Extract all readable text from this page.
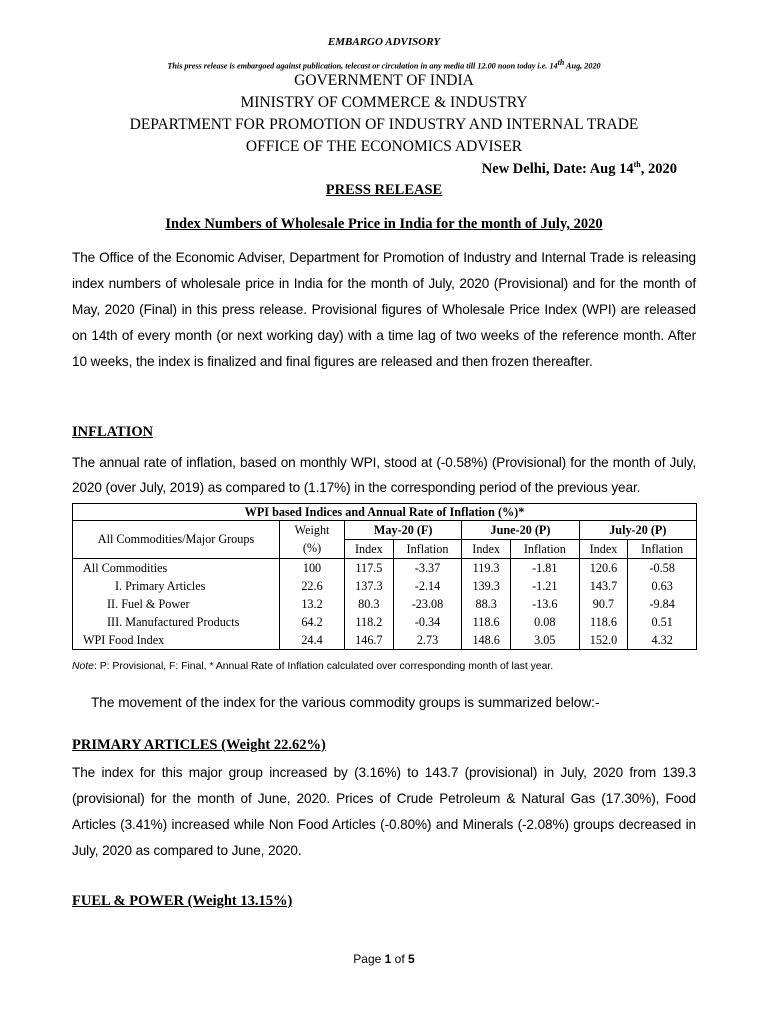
EMBARGO ADVISORY
This press release is embargoed against publication, telecast or circulation in any media till 12.00 noon today i.e. 14th Aug, 2020
GOVERNMENT OF INDIA
MINISTRY OF COMMERCE & INDUSTRY
DEPARTMENT FOR PROMOTION OF INDUSTRY AND INTERNAL TRADE
OFFICE OF THE ECONOMICS ADVISER
New Delhi, Date: Aug 14th, 2020
PRESS RELEASE
Index Numbers of Wholesale Price in India for the month of July, 2020

The Office of the Economic Adviser, Department for Promotion of Industry and Internal Trade is releasing index numbers of wholesale price in India for the month of July, 2020 (Provisional) and for the month of May, 2020 (Final) in this press release. Provisional figures of Wholesale Price Index (WPI) are released on 14th of every month (or next working day) with a time lag of two weeks of the reference month. After 10 weeks, the index is finalized and final figures are released and then frozen thereafter.

INFLATION

The annual rate of inflation, based on monthly WPI, stood at (-0.58%) (Provisional) for the month of July, 2020 (over July, 2019) as compared to (1.17%) in the corresponding period of the previous year.

WPI based Indices and Annual Rate of Inflation (%)*							
All Commodities/Major Groups	Weight	May-20 (F)		June-20 (P)		July-20 (P)	
	(%)	Index	Inflation	Index	Inflation	Index	Inflation
All Commodities	100	117.5	-3.37	119.3	-1.81	120.6	-0.58
I. Primary Articles	22.6	137.3	-2.14	139.3	-1.21	143.7	0.63
II. Fuel & Power	13.2	80.3	-23.08	88.3	-13.6	90.7	-9.84
III. Manufactured Products	64.2	118.2	-0.34	118.6	0.08	118.6	0.51
WPI Food Index	24.4	146.7	2.73	148.6	3.05	152.0	4.32
Note: P: Provisional, F: Final, * Annual Rate of Inflation calculated over corresponding month of last year.
The movement of the index for the various commodity groups is summarized below:-
PRIMARY ARTICLES (Weight 22.62%)

The index for this major group increased by (3.16%) to 143.7 (provisional) in July, 2020 from 139.3 (provisional) for the month of June, 2020. Prices of Crude Petroleum & Natural Gas (17.30%), Food Articles (3.41%) increased while Non Food Articles (-0.80%) and Minerals (-2.08%) groups decreased in July, 2020 as compared to June, 2020.

FUEL & POWER (Weight 13.15%)
Page 1 of 5
